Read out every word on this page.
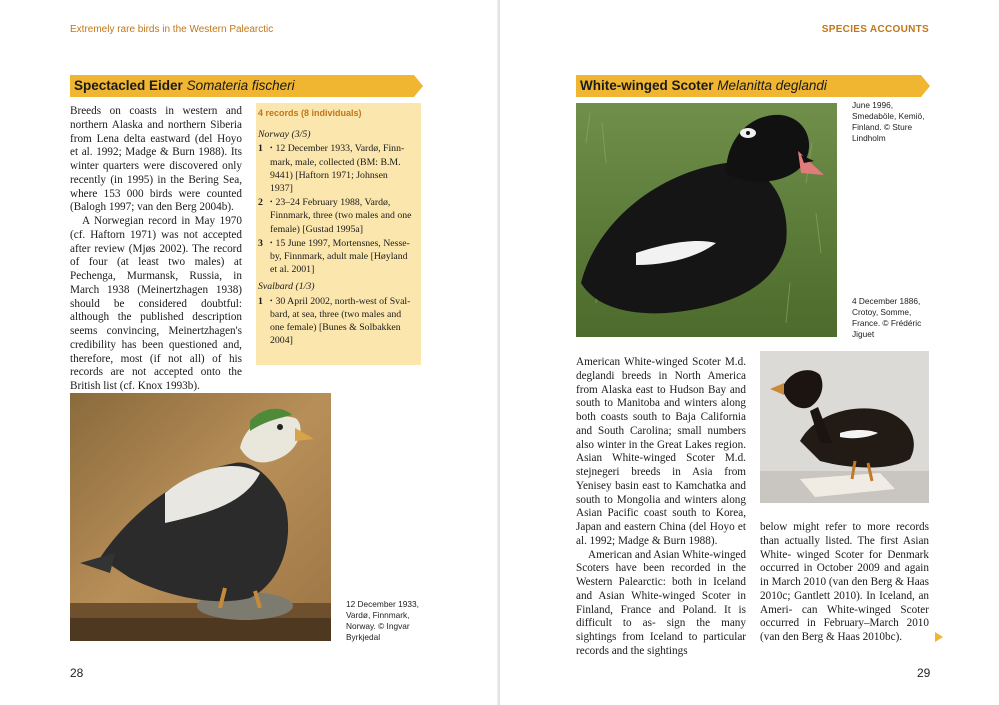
Extremely rare birds in the Western Palearctic
Spectacled Eider Somateria fischeri

Breeds on coasts in western and northern Alaska and northern Siberia from Lena delta eastward (del Hoyo et al. 1992; Madge & Burn 1988). Its winter quarters were discovered only recently (in 1995) in the Bering Sea, where 153 000 birds were counted (Balogh 1997; van den Berg 2004b).

A Norwegian record in May 1970 (cf. Haftorn 1971) was not accepted after review (Mjøs 2002). The record of four (at least two males) at Pechenga, Murmansk, Russia, in March 1938 (Meinertzhagen 1938) should be considered doubtful: although the published description seems convincing, Meinertzhagen's credibility has been questioned and, therefore, most (if not all) of his records are not accepted onto the British list (cf. Knox 1993b).

4 records (8 individuals)
Norway (3/5)
1 • 12 December 1933, Vardø, Finn-
mark, male, collected (BM: B.M.
9441) [Haftorn 1971; Johnsen 1937]
2 • 23–24 February 1988, Vardø,
Finnmark, three (two males and one
female) [Gustad 1995a]
3 • 15 June 1997, Mortensnes, Nesse-
by, Finnmark, adult male [Høyland
et al. 2001]
Svalbard (1/3)
1 • 30 April 2002, north-west of Sval-
bard, at sea, three (two males and
one female) [Bunes & Solbakken
2004]
12 December 1933,
Vardø, Finnmark,
Norway. © Ingvar
Byrkjedal
28
SPECIES ACCOUNTS
White-winged Scoter Melanitta deglandi
June 1996,
Smedaböle, Kemiö,
Finland. © Sture
Lindholm
4 December 1886,
Crotoy, Somme,
France. © Frédéric
Jiguet

American White-winged Scoter M.d. deglandi breeds in North America from Alaska east to Hudson Bay and south to Manitoba and winters along both coasts south to Baja California and South Carolina; small numbers also winter in the Great Lakes region. Asian White-winged Scoter M.d. stejnegeri breeds in Asia from Yenisey basin east to Kamchatka and south to Mongolia and winters along Asian Pacific coast south to Korea, Japan and eastern China (del Hoyo et al. 1992; Madge & Burn 1988).

American and Asian White-winged Scoters have been recorded in the Western Palearctic: both in Iceland and Asian White-winged Scoter in Finland, France and Poland. It is difficult to as- sign the many sightings from Iceland to particular records and the sightings

below might refer to more records than actually listed. The first Asian White- winged Scoter for Denmark occurred in October 2009 and again in March 2010 (van den Berg & Haas 2010c; Gantlett 2010). In Iceland, an Ameri- can White-winged Scoter occurred in February–March 2010 (van den Berg & Haas 2010bc).

29
